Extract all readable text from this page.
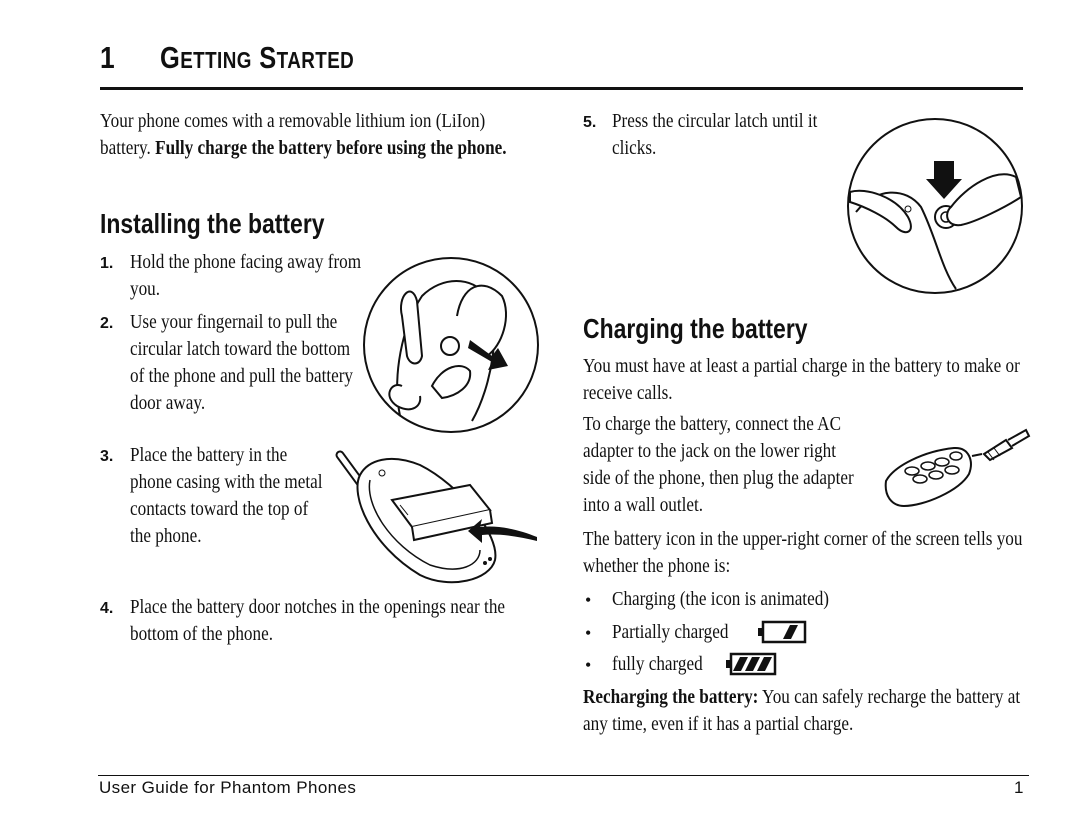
1 GETTING STARTED
Your phone comes with a removable lithium ion (LiIon) battery. Fully charge the battery before using the phone.
Installing the battery
1. Hold the phone facing away from you.
2. Use your fingernail to pull the circular latch toward the bottom of the phone and pull the battery door away.
3. Place the battery in the phone casing with the metal contacts toward the top of the phone.
4. Place the battery door notches in the openings near the bottom of the phone.
5. Press the circular latch until it clicks.
Charging the battery
You must have at least a partial charge in the battery to make or receive calls.
To charge the battery, connect the AC adapter to the jack on the lower right side of the phone, then plug the adapter into a wall outlet.
The battery icon in the upper-right corner of the screen tells you whether the phone is:
• Charging (the icon is animated)
• Partially charged
• fully charged
Recharging the battery: You can safely recharge the battery at any time, even if it has a partial charge.
User Guide for Phantom Phones	1
